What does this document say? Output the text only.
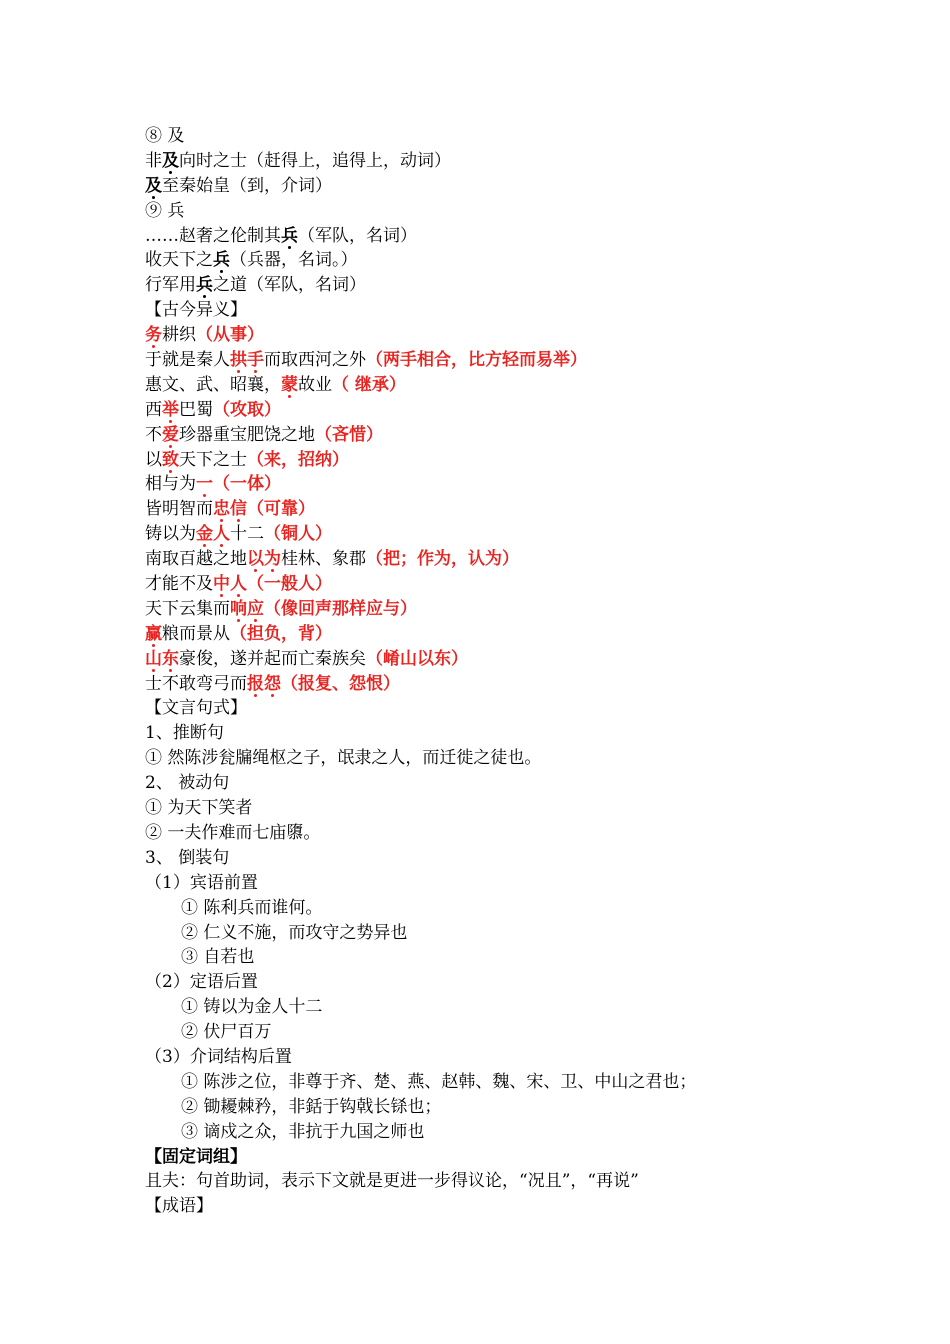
⑧ 及
非及向时之士（赶得上，追得上，动词）
及至秦始皇（到，介词）
⑨ 兵
……赵奢之伦制其兵（军队，名词）
收天下之兵（兵器，名词。）
行军用兵之道（军队，名词）
【古今异义】
务耕织（从事）
于就是秦人拱手而取西河之外（两手相合，比方轻而易举）
惠文、武、昭襄，蒙故业（ 继承）
西举巴蜀（攻取）
不爱珍器重宝肥饶之地（吝惜）
以致天下之士（来，招纳）
相与为一（一体）
皆明智而忠信（可靠）
铸以为金人十二（铜人）
南取百越之地以为桂林、象郡（把；作为，认为）
才能不及中人（一般人）
天下云集而响应（像回声那样应与）
赢粮而景从（担负，背）
山东豪俊，遂并起而亡秦族矣（崤山以东）
士不敢弯弓而报怨（报复、怨恨）
【文言句式】
1、推断句
① 然陈涉瓮牖绳枢之子，氓隶之人，而迁徙之徒也。
2、 被动句
① 为天下笑者
② 一夫作难而七庙隳。
3、 倒装句
（1）宾语前置
① 陈利兵而谁何。
② 仁义不施，而攻守之势异也
③ 自若也
（2）定语后置
① 铸以为金人十二
② 伏尸百万
（3）介词结构后置
① 陈涉之位，非尊于齐、楚、燕、赵韩、魏、宋、卫、中山之君也；
② 锄耰棘矜，非銛于钩戟长铩也；
③ 谪戍之众，非抗于九国之师也
【固定词组】
且夫：句首助词，表示下文就是更进一步得议论，“况且”，“再说”
【成语】
